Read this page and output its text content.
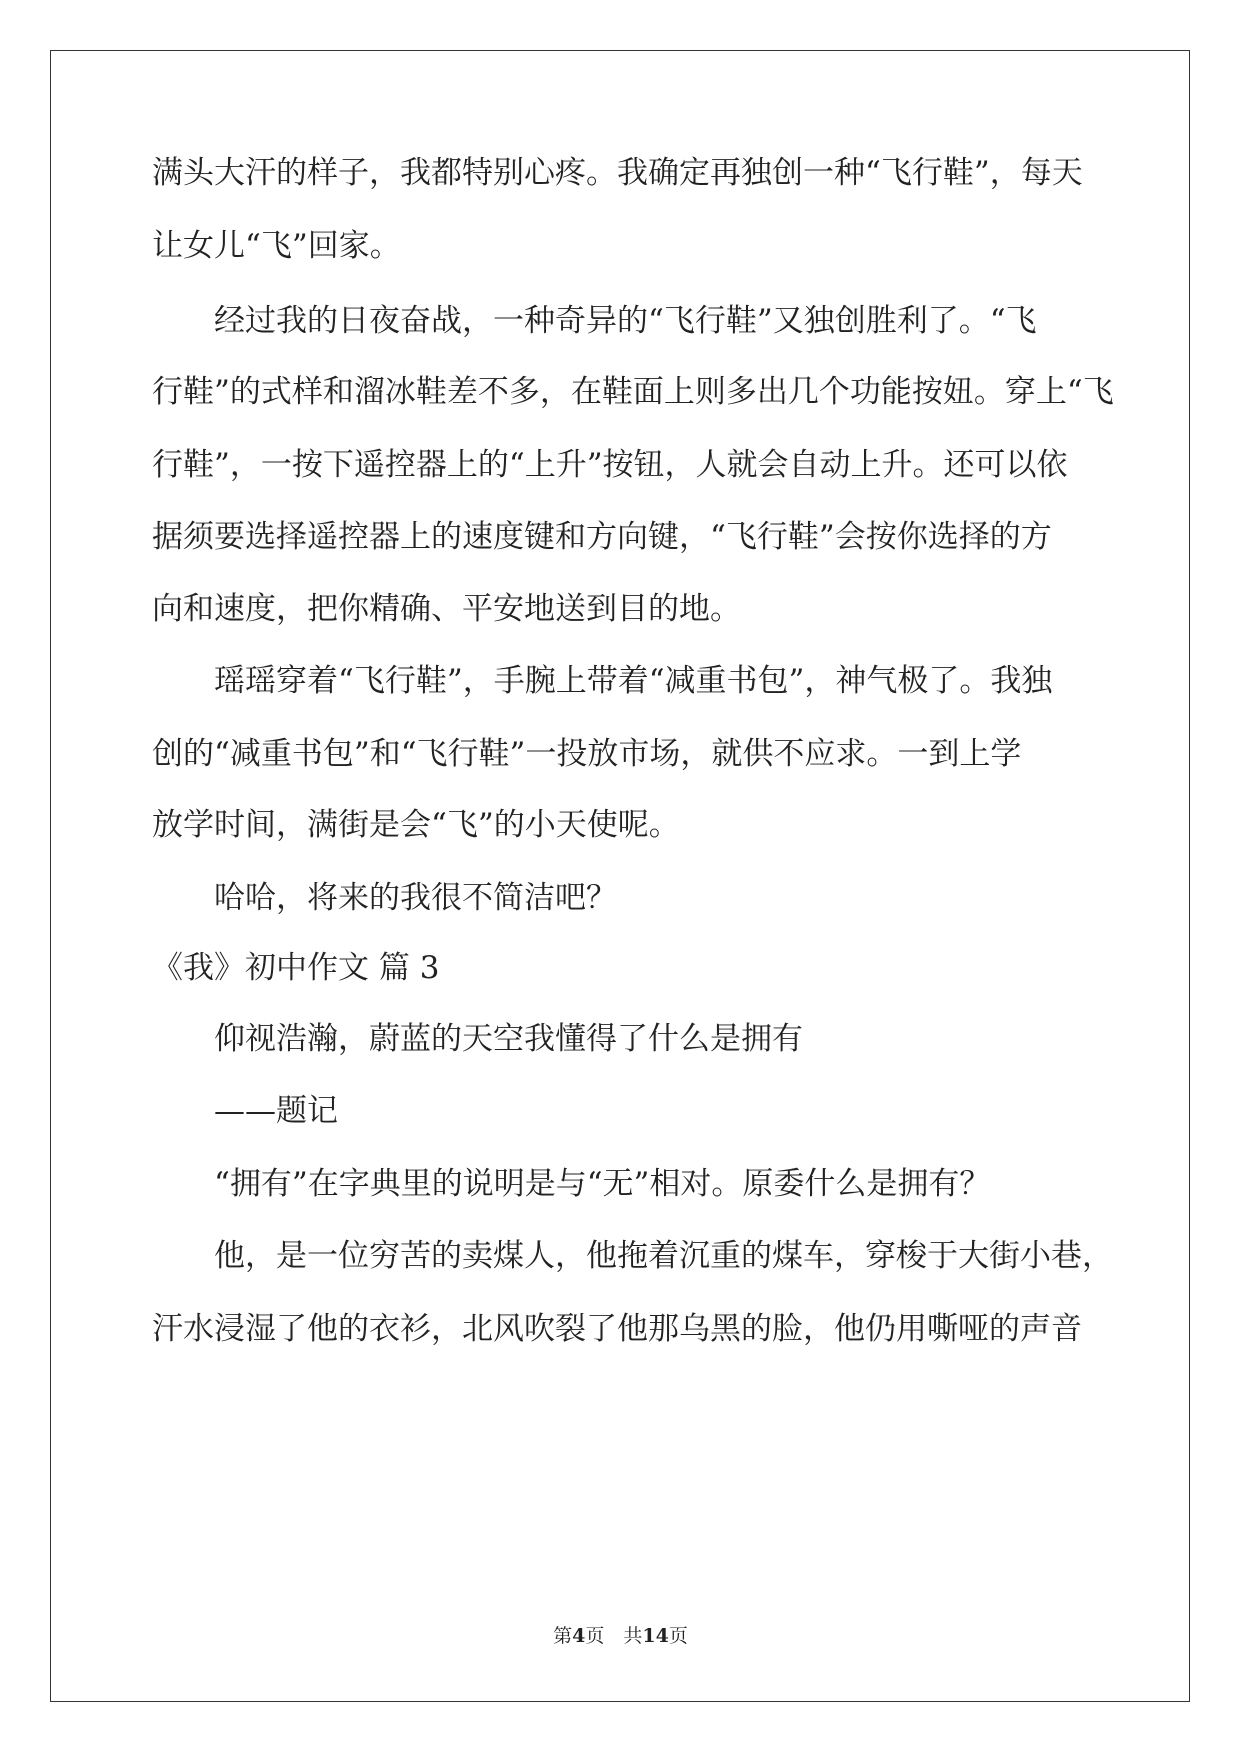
满头大汗的样子，我都特别心疼。我确定再独创一种“飞行鞋”，每天
让女儿“飞”回家。
经过我的日夜奋战，一种奇异的“飞行鞋”又独创胜利了。“飞
行鞋”的式样和溜冰鞋差不多，在鞋面上则多出几个功能按妞。穿上“飞
行鞋”，一按下遥控器上的“上升”按钮，人就会自动上升。还可以依
据须要选择遥控器上的速度键和方向键，“飞行鞋”会按你选择的方
向和速度，把你精确、平安地送到目的地。
瑶瑶穿着“飞行鞋”，手腕上带着“减重书包”，神气极了。我独
创的“减重书包”和“飞行鞋”一投放市场，就供不应求。一到上学
放学时间，满街是会“飞”的小天使呢。
哈哈，将来的我很不简洁吧？
《我》初中作文 篇 3
仰视浩瀚，蔚蓝的天空我懂得了什么是拥有
——题记
“拥有”在字典里的说明是与“无”相对。原委什么是拥有？
他，是一位穷苦的卖煤人，他拖着沉重的煤车，穿梭于大街小巷，
汗水浸湿了他的衣衫，北风吹裂了他那乌黑的脸，他仍用嘶哑的声音
第4页　共14页
